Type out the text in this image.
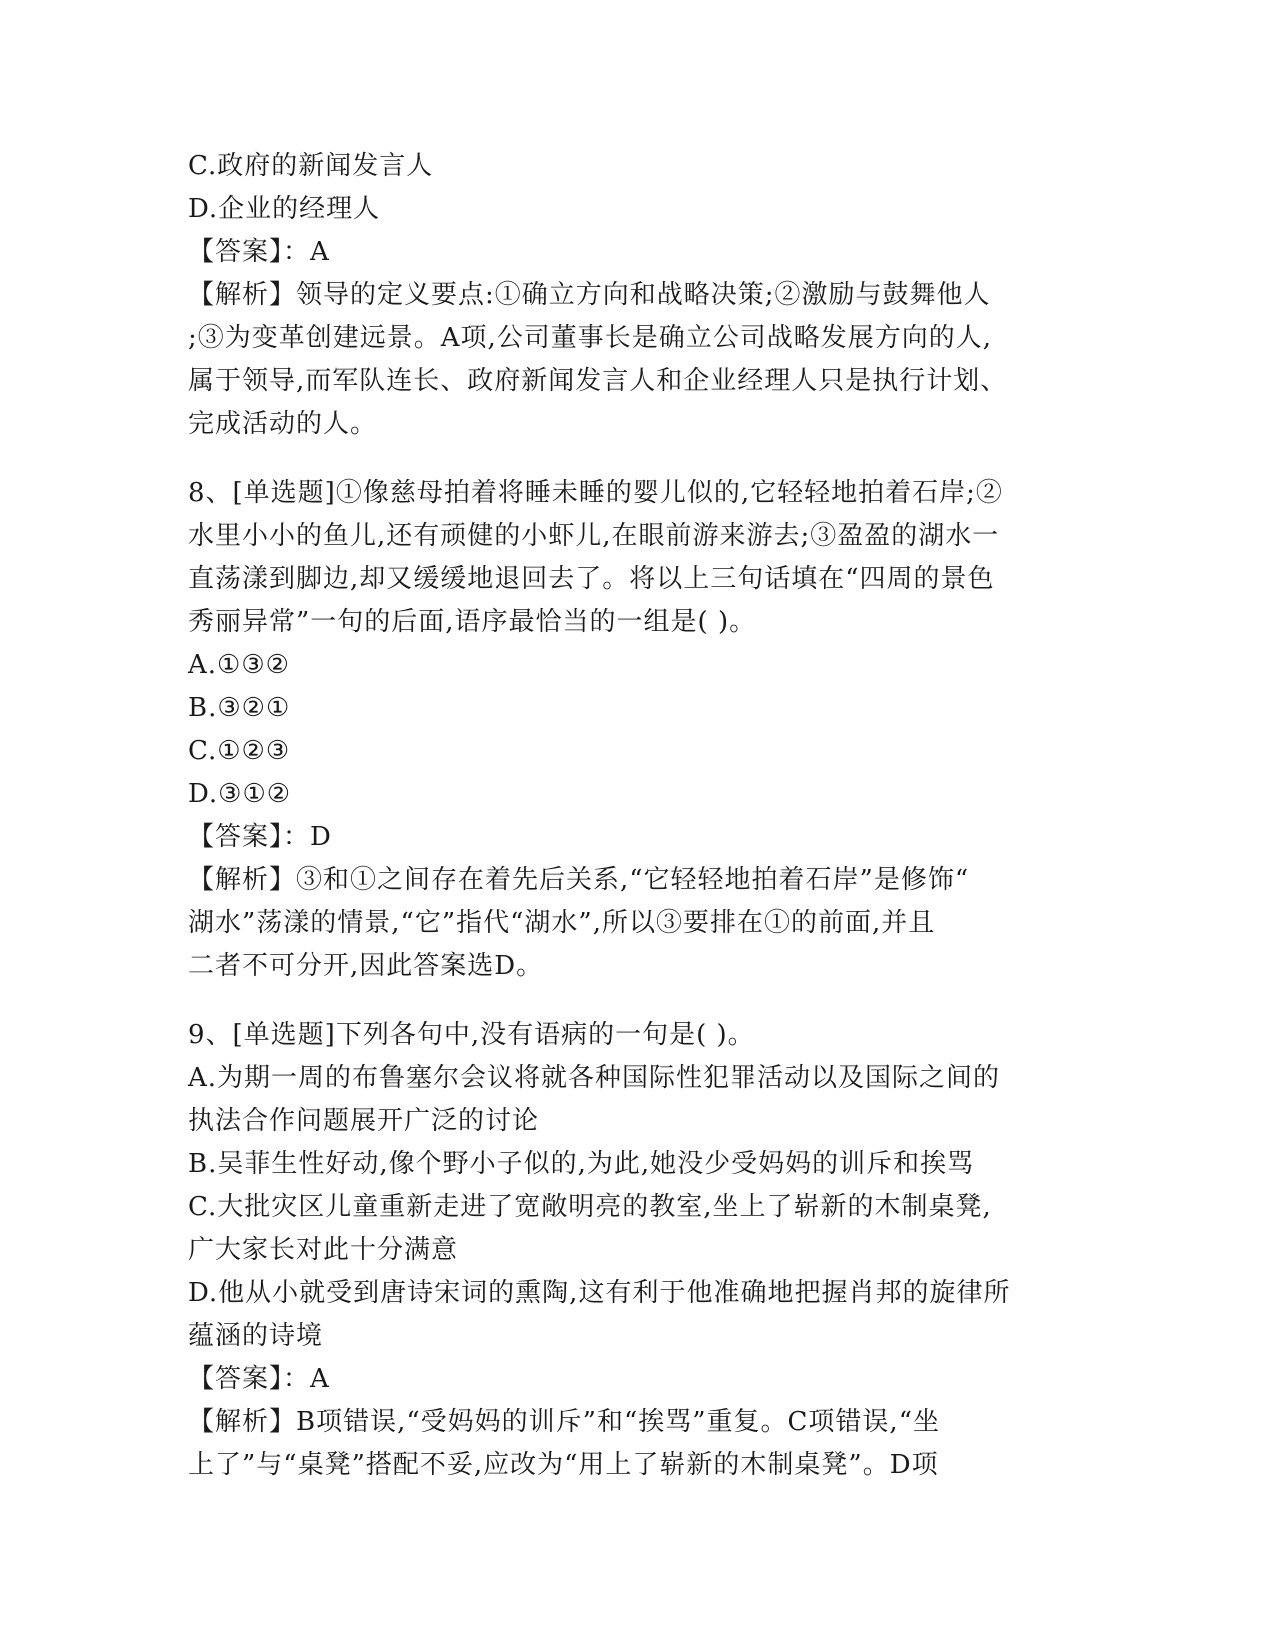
C.政府的新闻发言人
D.企业的经理人
【答案】：A
【解析】领导的定义要点:①确立方向和战略决策;②激励与鼓舞他人
;③为变革创建远景。A项,公司董事长是确立公司战略发展方向的人,
属于领导,而军队连长、政府新闻发言人和企业经理人只是执行计划、
完成活动的人。
8、[单选题]①像慈母拍着将睡未睡的婴儿似的,它轻轻地拍着石岸;②
水里小小的鱼儿,还有顽健的小虾儿,在眼前游来游去;③盈盈的湖水一
直荡漾到脚边,却又缓缓地退回去了。将以上三句话填在“四周的景色
秀丽异常”一句的后面,语序最恰当的一组是( )。
A.①③②
B.③②①
C.①②③
D.③①②
【答案】：D
【解析】③和①之间存在着先后关系,“它轻轻地拍着石岸”是修饰“
湖水”荡漾的情景,“它”指代“湖水”,所以③要排在①的前面,并且
二者不可分开,因此答案选D。
9、[单选题]下列各句中,没有语病的一句是( )。
A.为期一周的布鲁塞尔会议将就各种国际性犯罪活动以及国际之间的
执法合作问题展开广泛的讨论
B.吴菲生性好动,像个野小子似的,为此,她没少受妈妈的训斥和挨骂
C.大批灾区儿童重新走进了宽敞明亮的教室,坐上了崭新的木制桌凳,
广大家长对此十分满意
D.他从小就受到唐诗宋词的熏陶,这有利于他准确地把握肖邦的旋律所
蕴涵的诗境
【答案】：A
【解析】B项错误,“受妈妈的训斥”和“挨骂”重复。C项错误,“坐
上了”与“桌凳”搭配不妥,应改为“用上了崭新的木制桌凳”。D项
